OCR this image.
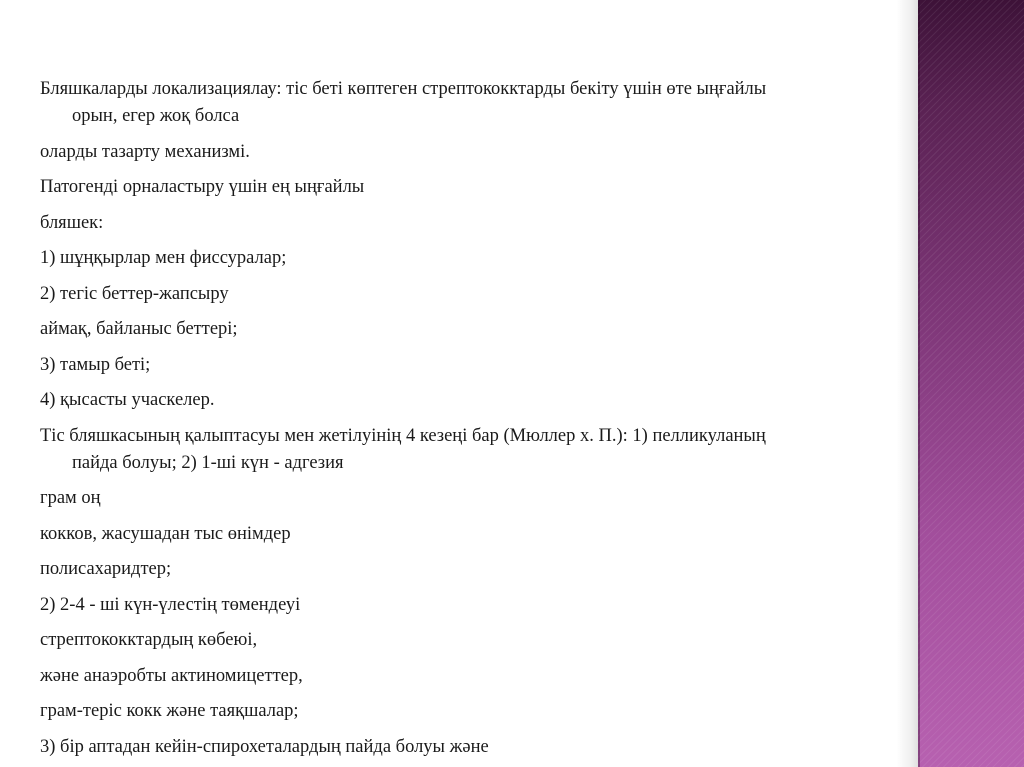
Бляшкаларды локализациялау: тіс беті көптеген стрептококктарды бекіту үшін өте ыңғайлы
орын, егер жоқ болса
оларды тазарту механизмі.
Патогенді орналастыру үшін ең ыңғайлы
бляшек:
1) шұңқырлар мен фиссуралар;
2) тегіс беттер-жапсыру
аймақ, байланыс беттері;
3) тамыр беті;
4) қысасты учаскелер.
Тіс бляшкасының қалыптасуы мен жетілуінің 4 кезеңі бар (Мюллер х. П.): 1) пелликуланың
пайда болуы; 2) 1-ші күн - адгезия
грам оң
кокков, жасушадан тыс өнімдер
полисахаридтер;
2) 2-4 - ші күн-үлестің төмендеуі
стрептококктардың көбеюі,
және анаэробты актиномицеттер,
грам-теріс кокк және таяқшалар;
3) бір аптадан кейін-спирохеталардың пайда болуы және
